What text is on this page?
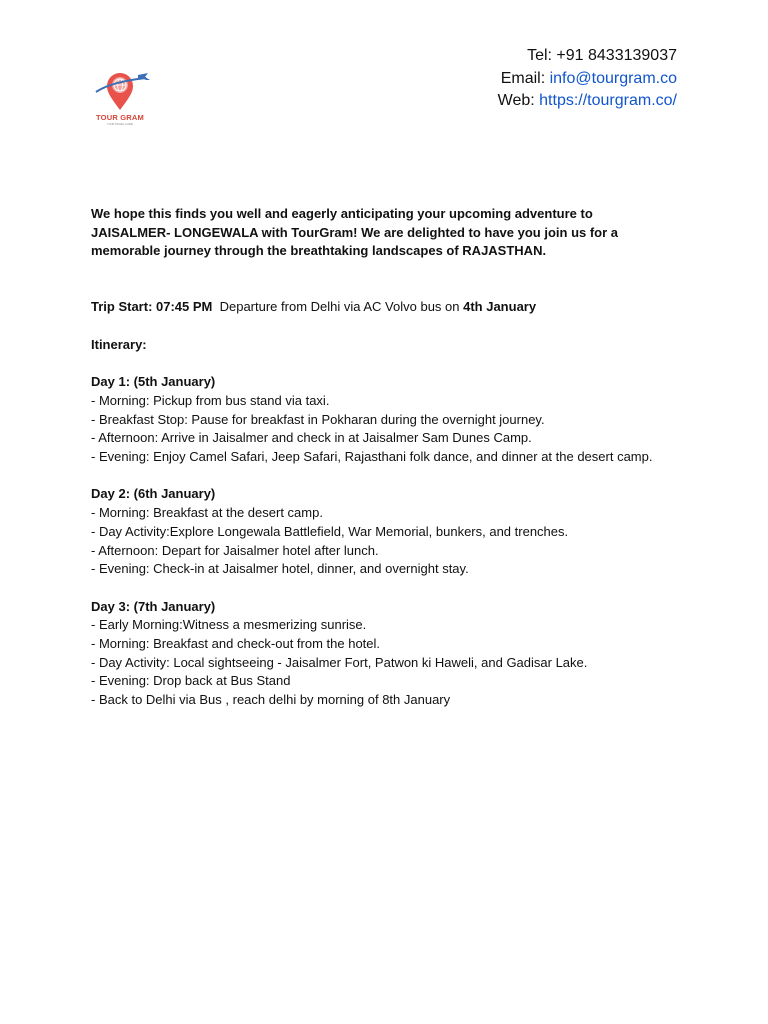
TOUR GRAM
YOUR TRAVEL GUIDE
Tel: +91 8433139037
Email: info@tourgram.co
Web: https://tourgram.co/

We hope this finds you well and eagerly anticipating your upcoming adventure to JAISALMER- LONGEWALA with TourGram! We are delighted to have you join us for a memorable journey through the breathtaking landscapes of RAJASTHAN.

Trip Start: 07:45 PM  Departure from Delhi via AC Volvo bus on 4th January
Itinerary:
Day 1: (5th January)
- Morning: Pickup from bus stand via taxi.
- Breakfast Stop: Pause for breakfast in Pokharan during the overnight journey.
- Afternoon: Arrive in Jaisalmer and check in at Jaisalmer Sam Dunes Camp.
- Evening: Enjoy Camel Safari, Jeep Safari, Rajasthani folk dance, and dinner at the desert camp.
Day 2: (6th January)
- Morning: Breakfast at the desert camp.
- Day Activity:Explore Longewala Battlefield, War Memorial, bunkers, and trenches.
- Afternoon: Depart for Jaisalmer hotel after lunch.
- Evening: Check-in at Jaisalmer hotel, dinner, and overnight stay.
Day 3: (7th January)
- Early Morning:Witness a mesmerizing sunrise.
- Morning: Breakfast and check-out from the hotel.
- Day Activity: Local sightseeing - Jaisalmer Fort, Patwon ki Haweli, and Gadisar Lake.
- Evening: Drop back at Bus Stand
- Back to Delhi via Bus , reach delhi by morning of 8th January
